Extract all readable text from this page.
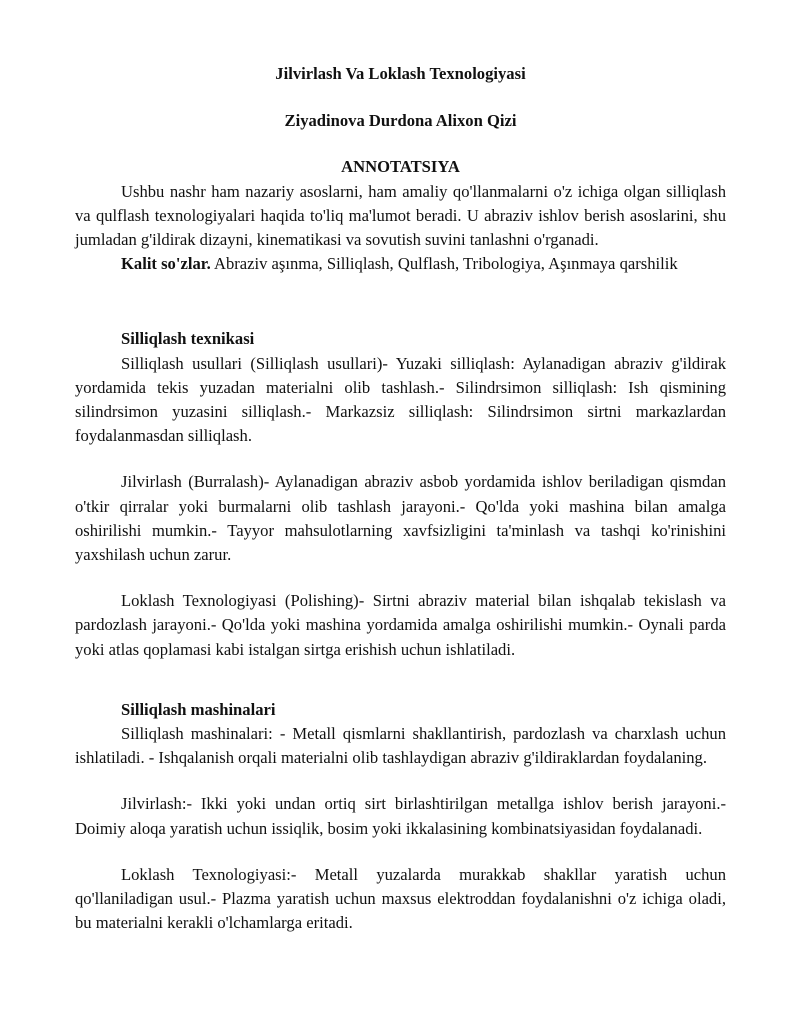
Jilvirlash Va Loklash Texnologiyasi
Ziyadinova Durdona Alixon Qizi
ANNOTATSIYA

Ushbu nashr ham nazariy asoslarni, ham amaliy qo'llanmalarni o'z ichiga olgan silliqlash va qulflash texnologiyalari haqida to'liq ma'lumot beradi. U abraziv ishlov berish asoslarini, shu jumladan g'ildirak dizayni, kinematikasi va sovutish suvini tanlashni o'rganadi.

Kalit so'zlar. Abraziv aşınma, Silliqlash, Qulflash, Tribologiya, Aşınmaya qarshilik

Silliqlash texnikasi

Silliqlash usullari (Silliqlash usullari)- Yuzaki silliqlash: Aylanadigan abraziv g'ildirak yordamida tekis yuzadan materialni olib tashlash.- Silindrsimon silliqlash: Ish qismining silindrsimon yuzasini silliqlash.- Markazsiz silliqlash: Silindrsimon sirtni markazlardan foydalanmasdan silliqlash.

Jilvirlash (Burralash)- Aylanadigan abraziv asbob yordamida ishlov beriladigan qismdan o'tkir qirralar yoki burmalarni olib tashlash jarayoni.- Qo'lda yoki mashina bilan amalga oshirilishi mumkin.- Tayyor mahsulotlarning xavfsizligini ta'minlash va tashqi ko'rinishini yaxshilash uchun zarur.

Loklash Texnologiyasi (Polishing)- Sirtni abraziv material bilan ishqalab tekislash va pardozlash jarayoni.- Qo'lda yoki mashina yordamida amalga oshirilishi mumkin.- Oynali parda yoki atlas qoplamasi kabi istalgan sirtga erishish uchun ishlatiladi.

Silliqlash mashinalari

Silliqlash mashinalari: - Metall qismlarni shakllantirish, pardozlash va charxlash uchun ishlatiladi. - Ishqalanish orqali materialni olib tashlaydigan abraziv g'ildiraklardan foydalaning.

Jilvirlash:- Ikki yoki undan ortiq sirt birlashtirilgan metallga ishlov berish jarayoni.- Doimiy aloqa yaratish uchun issiqlik, bosim yoki ikkalasining kombinatsiyasidan foydalanadi.

Loklash Texnologiyasi:- Metall yuzalarda murakkab shakllar yaratish uchun qo'llaniladigan usul.- Plazma yaratish uchun maxsus elektroddan foydalanishni o'z ichiga oladi, bu materialni kerakli o'lchamlarga eritadi.
